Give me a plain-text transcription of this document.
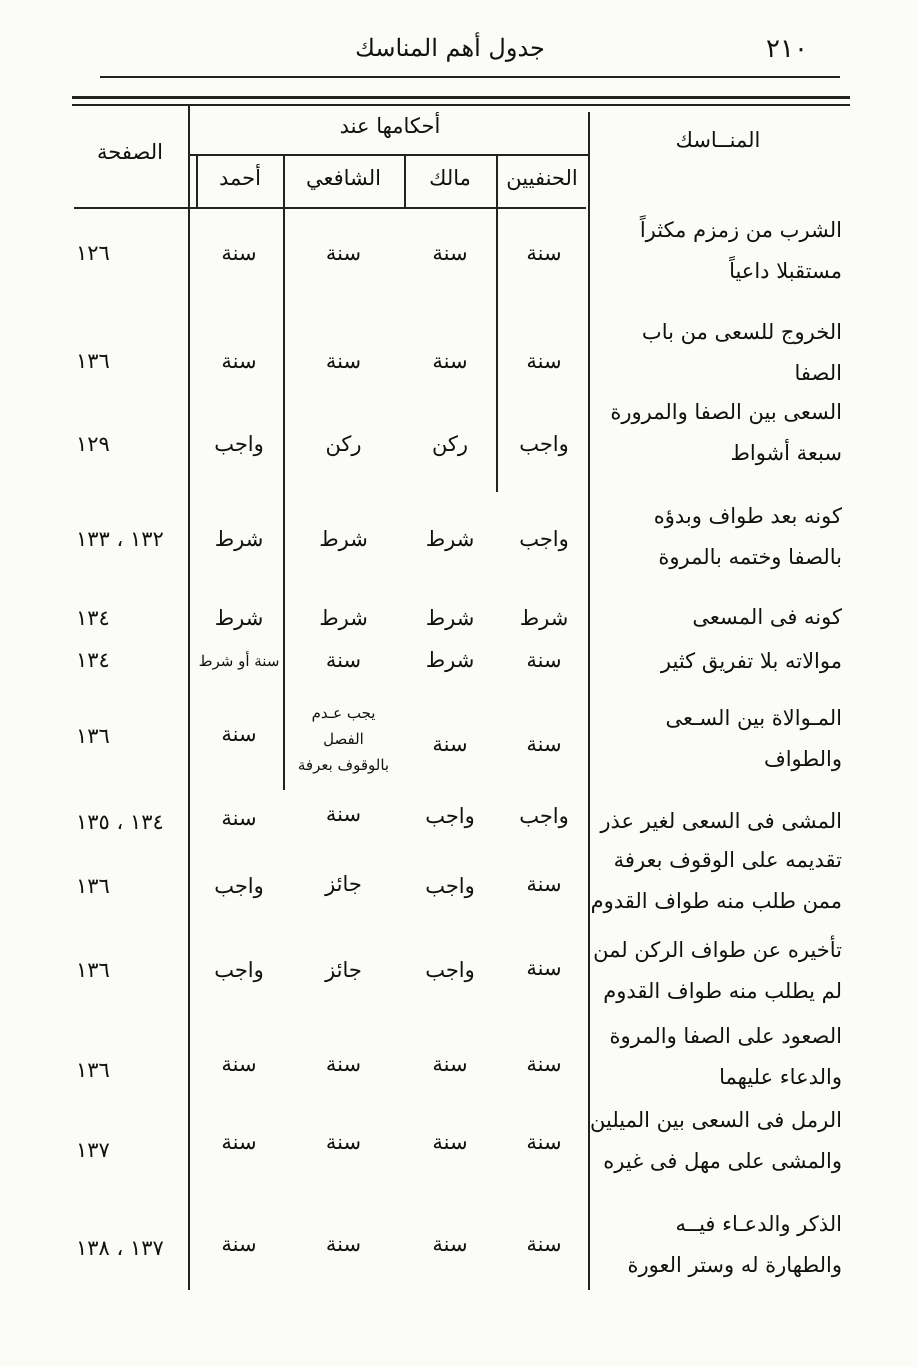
٢١٠
جدول أهم المناسك
المنــاسك
أحكامها عند
الحنفيين
مالك
الشافعي
أحمد
الصفحة
الشرب من زمزم مكثراً
مستقبلا داعياً
سنة
سنة
سنة
سنة
١٢٦
الخروج للسعى من باب
الصفا
سنة
سنة
سنة
سنة
١٣٦
السعى بين الصفا والمرورة
سبعة أشواط
واجب
ركن
ركن
واجب
١٢٩
كونه بعد طواف وبدؤه
بالصفا وختمه بالمروة
واجب
شرط
شرط
شرط
١٣٢ ، ١٣٣
كونه فى المسعى
شرط
شرط
شرط
شرط
١٣٤
موالاته بلا تفريق كثير
سنة
شرط
سنة
سنة أو شرط
١٣٤
المـوالاة بين السـعى
والطواف
سنة
سنة
يجب عـدم
الفصل
بالوقوف بعرفة
سنة
١٣٦
المشى فى السعى لغير عذر
واجب
واجب
سنة
سنة
١٣٤ ، ١٣٥
تقديمه على الوقوف بعرفة
ممن طلب منه طواف القدوم
سنة
واجب
جائز
واجب
١٣٦
تأخيره عن طواف الركن لمن
لم يطلب منه طواف القدوم
سنة
واجب
جائز
واجب
١٣٦
الصعود على الصفا والمروة
والدعاء عليهما
سنة
سنة
سنة
سنة
١٣٦
الرمل فى السعى بين الميلين
والمشى على مهل فى غيره
سنة
سنة
سنة
سنة
١٣٧
الذكر والدعـاء فيــه
والطهارة له وستر العورة
سنة
سنة
سنة
سنة
١٣٧ ، ١٣٨
